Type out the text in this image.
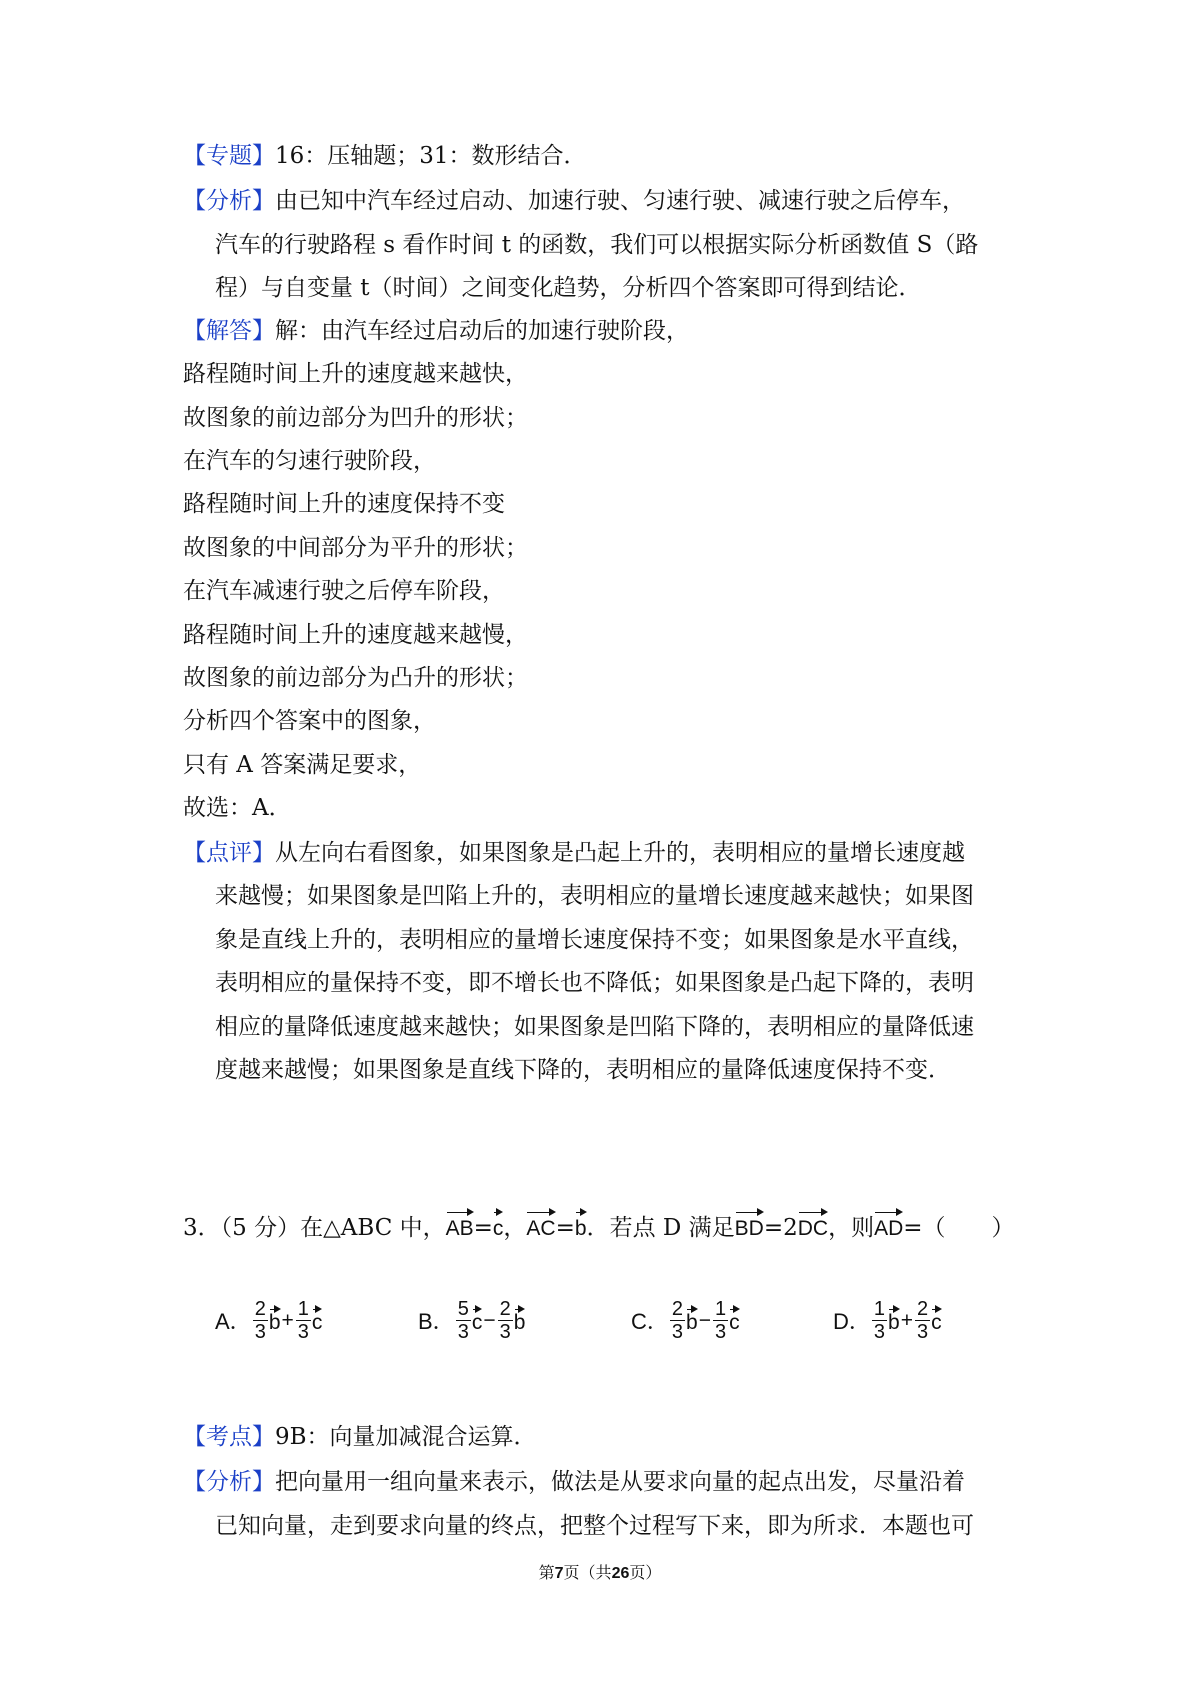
【专题】16：压轴题；31：数形结合．
【分析】由已知中汽车经过启动、加速行驶、匀速行驶、减速行驶之后停车，
汽车的行驶路程 s 看作时间 t 的函数，我们可以根据实际分析函数值 S（路
程）与自变量 t（时间）之间变化趋势，分析四个答案即可得到结论．
【解答】解：由汽车经过启动后的加速行驶阶段，
路程随时间上升的速度越来越快，
故图象的前边部分为凹升的形状；
在汽车的匀速行驶阶段，
路程随时间上升的速度保持不变
故图象的中间部分为平升的形状；
在汽车减速行驶之后停车阶段，
路程随时间上升的速度越来越慢，
故图象的前边部分为凸升的形状；
分析四个答案中的图象，
只有 A 答案满足要求，
故选：A．
【点评】从左向右看图象，如果图象是凸起上升的，表明相应的量增长速度越
来越慢；如果图象是凹陷上升的，表明相应的量增长速度越来越快；如果图
象是直线上升的，表明相应的量增长速度保持不变；如果图象是水平直线，
表明相应的量保持不变，即不增长也不降低；如果图象是凸起下降的，表明
相应的量降低速度越来越快；如果图象是凹陷下降的，表明相应的量降低速
度越来越慢；如果图象是直线下降的，表明相应的量降低速度保持不变．
3．（5 分）在△ABC 中，AB=c，AC=b．若点 D 满足BD=2DC，则AD=（　　）
A． $\frac{2}{3}$ $b + \frac{1}{3}$ c	B． $\frac{5}{3}$ $c - \frac{2}{3}$ b	C． $\frac{2}{3}$ $b - \frac{1}{3}$ c	D． $\frac{1}{3}$ $b + \frac{2}{3}$ c
【考点】9B：向量加减混合运算．
【分析】把向量用一组向量来表示，做法是从要求向量的起点出发，尽量沿着
已知向量，走到要求向量的终点，把整个过程写下来，即为所求．本题也可
第7页（共26页）
